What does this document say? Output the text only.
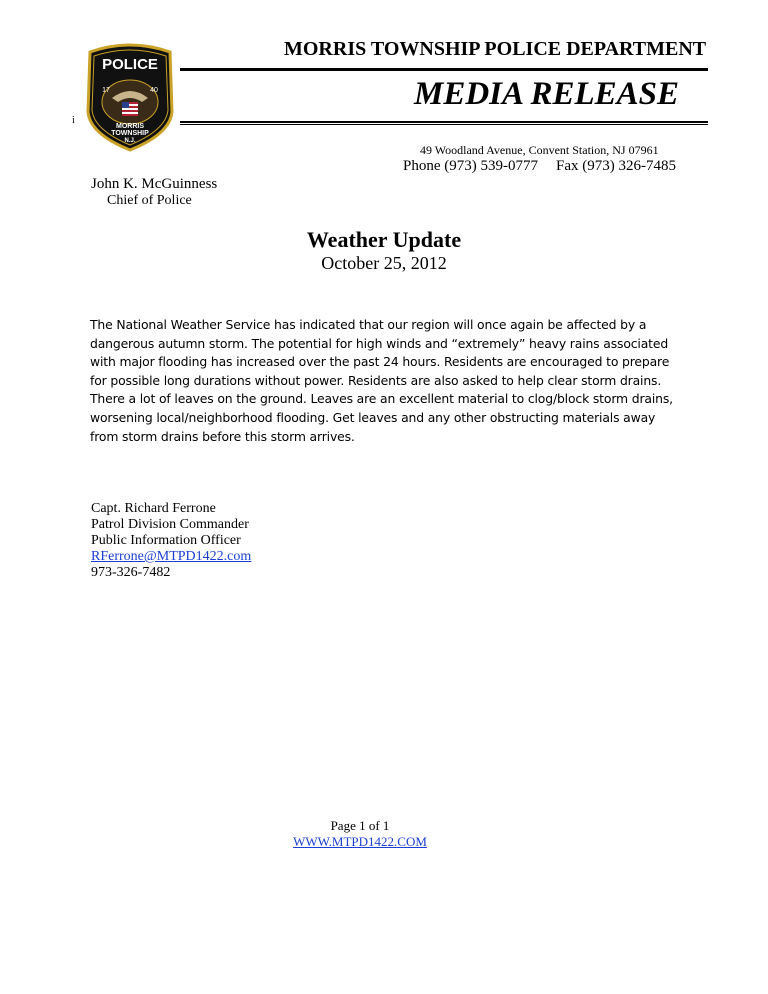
POLICE
17	40
MORRIS
TOWNSHIP
N.J.
i
MORRIS TOWNSHIP POLICE DEPARTMENT
MEDIA RELEASE
49 Woodland Avenue, Convent Station, NJ 07961
Phone (973) 539-0777 Fax (973) 326-7485
John K. McGuinness
Chief of Police
Weather Update
October 25, 2012
The National Weather Service has indicated that our region will once again be affected by a
dangerous autumn storm. The potential for high winds and “extremely” heavy rains associated
with major flooding has increased over the past 24 hours. Residents are encouraged to prepare
for possible long durations without power. Residents are also asked to help clear storm drains.
There a lot of leaves on the ground. Leaves are an excellent material to clog/block storm drains,
worsening local/neighborhood flooding. Get leaves and any other obstructing materials away
from storm drains before this storm arrives.
Capt. Richard Ferrone
Patrol Division Commander
Public Information Officer
RFerrone@MTPD1422.com
973-326-7482
Page 1 of 1
WWW.MTPD1422.COM
